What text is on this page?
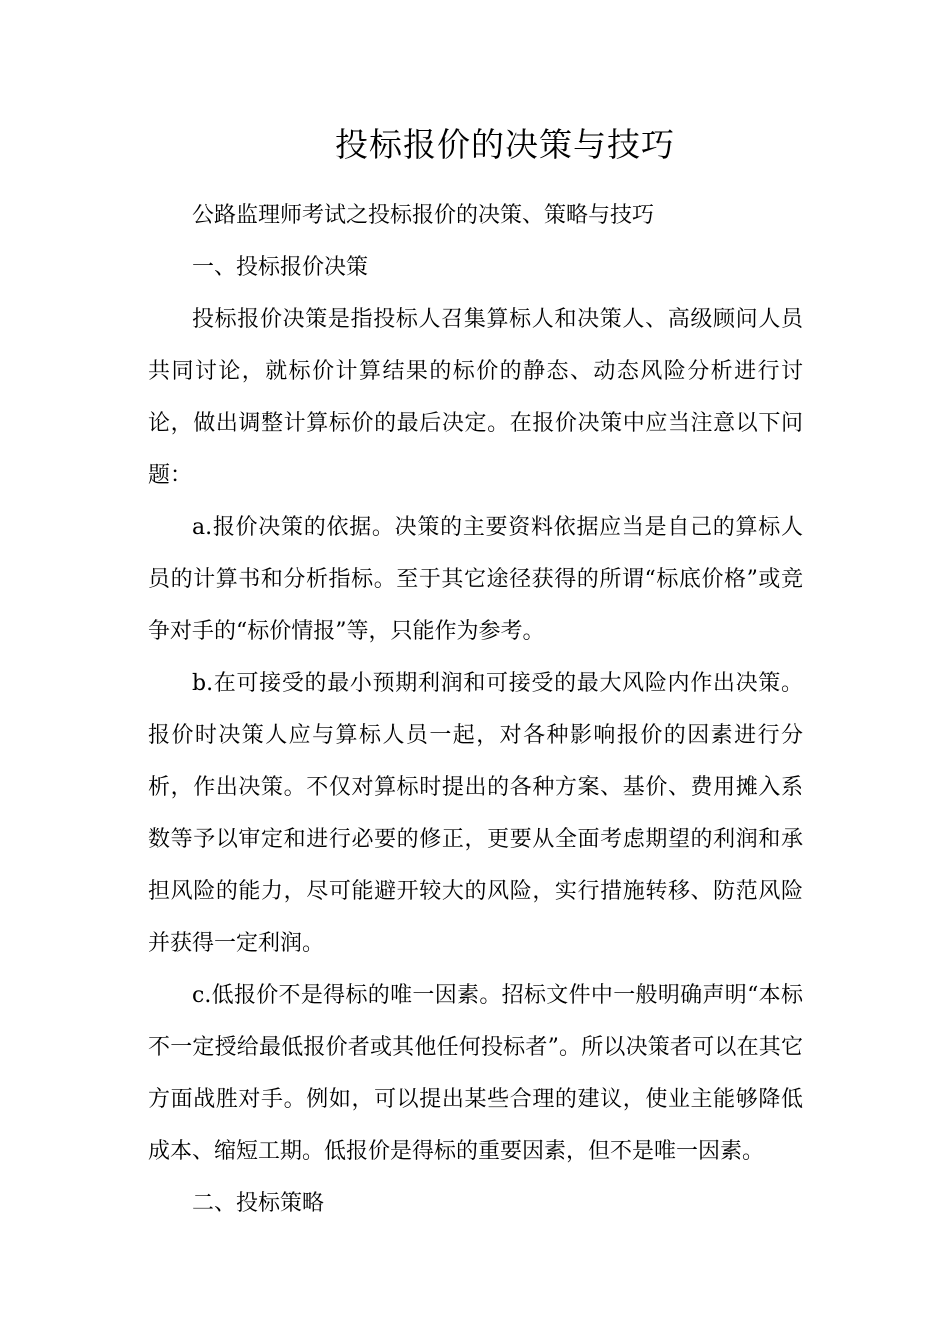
投标报价的决策与技巧

公路监理师考试之投标报价的决策、策略与技巧

一、投标报价决策

投标报价决策是指投标人召集算标人和决策人、高级顾问人员共同讨论，就标价计算结果的标价的静态、动态风险分析进行讨论，做出调整计算标价的最后决定。在报价决策中应当注意以下问题：

a.报价决策的依据。决策的主要资料依据应当是自己的算标人员的计算书和分析指标。至于其它途径获得的所谓“标底价格”或竞争对手的“标价情报”等，只能作为参考。

b.在可接受的最小预期利润和可接受的最大风险内作出决策。报价时决策人应与算标人员一起，对各种影响报价的因素进行分析，作出决策。不仅对算标时提出的各种方案、基价、费用摊入系数等予以审定和进行必要的修正，更要从全面考虑期望的利润和承担风险的能力，尽可能避开较大的风险，实行措施转移、防范风险并获得一定利润。

c.低报价不是得标的唯一因素。招标文件中一般明确声明“本标不一定授给最低报价者或其他任何投标者”。所以决策者可以在其它方面战胜对手。例如，可以提出某些合理的建议，使业主能够降低成本、缩短工期。低报价是得标的重要因素，但不是唯一因素。

二、投标策略
